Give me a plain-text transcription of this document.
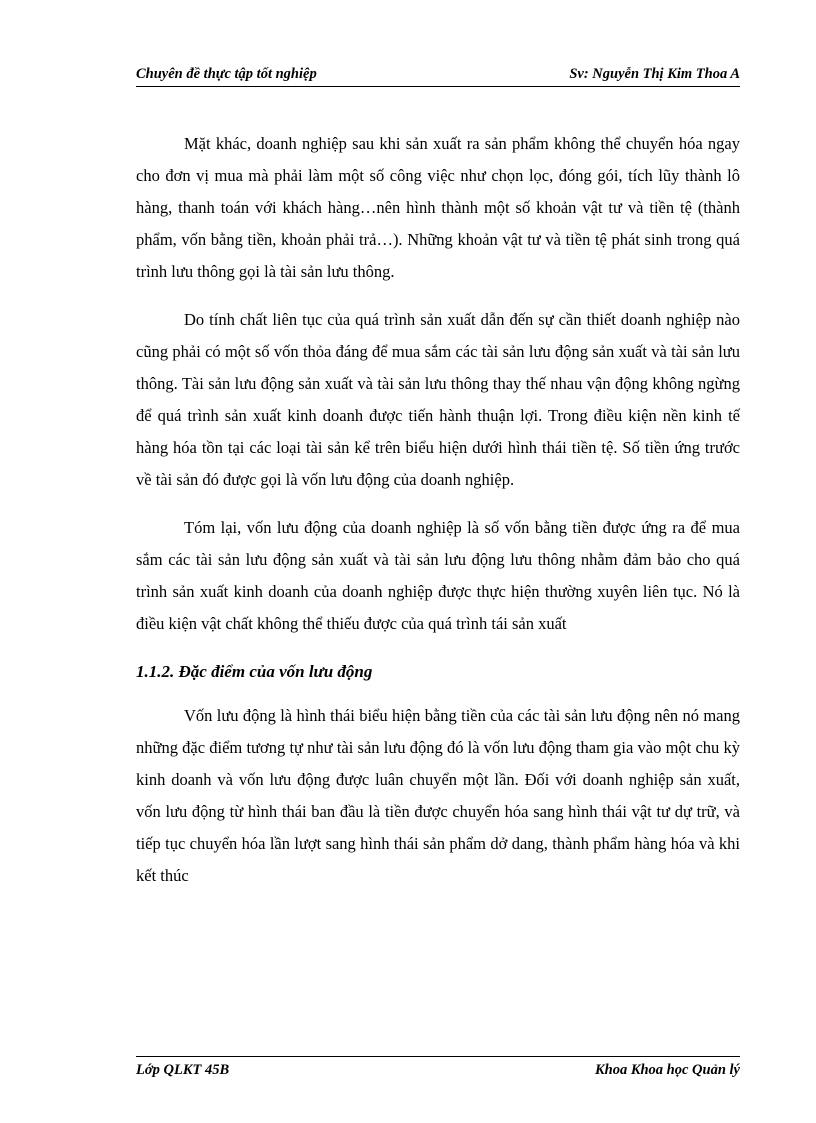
Chuyên đề thực tập tốt nghiệp	Sv: Nguyễn Thị Kim Thoa A

Mặt khác, doanh nghiệp sau khi sản xuất ra sản phẩm không thể chuyển hóa ngay cho đơn vị mua mà phải làm một số công việc như chọn lọc, đóng gói, tích lũy thành lô hàng, thanh toán với khách hàng…nên hình thành một số khoản vật tư và tiền tệ (thành phẩm, vốn bằng tiền, khoản phải trả…). Những khoản vật tư và tiền tệ phát sinh trong quá trình lưu thông gọi là tài sản lưu thông.

Do tính chất liên tục của quá trình sản xuất dẫn đến sự cần thiết doanh nghiệp nào cũng phải có một số vốn thỏa đáng để mua sắm các tài sản lưu động sản xuất và tài sản lưu thông. Tài sản lưu động sản xuất và tài sản lưu thông thay thế nhau vận động không ngừng để quá trình sản xuất kinh doanh được tiến hành thuận lợi. Trong điều kiện nền kinh tế hàng hóa tồn tại các loại tài sản kể trên biểu hiện dưới hình thái tiền tệ. Số tiền ứng trước về tài sản đó được gọi là vốn lưu động của doanh nghiệp.

Tóm lại, vốn lưu động của doanh nghiệp là số vốn bằng tiền được ứng ra để mua sắm các tài sản lưu động sản xuất và tài sản lưu động lưu thông nhằm đảm bảo cho quá trình sản xuất kinh doanh của doanh nghiệp được thực hiện thường xuyên liên tục. Nó là điều kiện vật chất không thể thiếu được của quá trình tái sản xuất

1.1.2. Đặc điểm của vốn lưu động

Vốn lưu động là hình thái biểu hiện bằng tiền của các tài sản lưu động nên nó mang những đặc điểm tương tự như tài sản lưu động đó là vốn lưu động tham gia vào một chu kỳ kinh doanh và vốn lưu động được luân chuyển một lần. Đối với doanh nghiệp sản xuất, vốn lưu động từ hình thái ban đầu là tiền được chuyển hóa sang hình thái vật tư dự trữ, và tiếp tục chuyển hóa lần lượt sang hình thái sản phẩm dở dang, thành phẩm hàng hóa và khi kết thúc

Lớp QLKT 45B	Khoa Khoa học Quản lý
